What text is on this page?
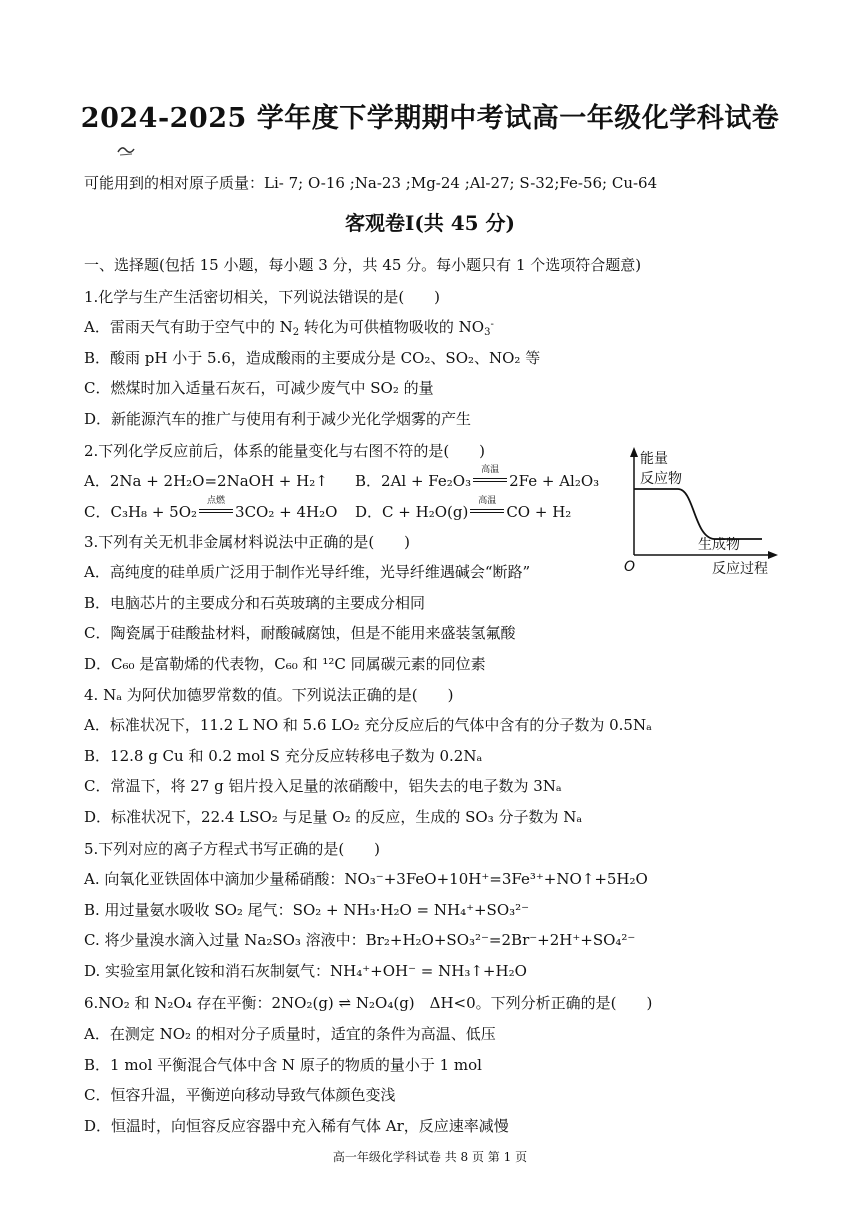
2024-2025 学年度下学期期中考试高一年级化学科试卷
可能用到的相对原子质量：Li- 7; O-16 ;Na-23 ;Mg-24 ;Al-27; S-32;Fe-56; Cu-64
客观卷Ⅰ(共 45 分)
一、选择题(包括 15 小题，每小题 3 分，共 45 分。每小题只有 1 个选项符合题意)
1.化学与生产生活密切相关，下列说法错误的是(　　)
A．雷雨天气有助于空气中的 $N_2$ 转化为可供植物吸收的 $NO_3^-$
B．酸雨 pH 小于 5.6，造成酸雨的主要成分是 CO₂、SO₂、NO₂ 等
C．燃煤时加入适量石灰石，可减少废气中 SO₂ 的量
D．新能源汽车的推广与使用有利于减少光化学烟雾的产生
2.下列化学反应前后，体系的能量变化与右图不符的是(　　)
A．2Na + 2H₂O=2NaOH + H₂↑ B．2Al + Fe₂O₃
高温
2Fe + Al₂O₃
C．C₃H₈ + 5O₂
点燃
3CO₂ + 4H₂O D．C + H₂O(g)
高温
CO + H₂
能量
反应物
生成物
O	反应过程
3.下列有关无机非金属材料说法中正确的是(　　)
A．高纯度的硅单质广泛用于制作光导纤维，光导纤维遇碱会“断路”
B．电脑芯片的主要成分和石英玻璃的主要成分相同
C．陶瓷属于硅酸盐材料，耐酸碱腐蚀，但是不能用来盛装氢氟酸
D．C₆₀ 是富勒烯的代表物，C₆₀ 和 ¹²C 同属碳元素的同位素
4. Nₐ 为阿伏加德罗常数的值。下列说法正确的是(　　)
A．标准状况下，11.2 L NO 和 5.6 LO₂ 充分反应后的气体中含有的分子数为 0.5Nₐ
B．12.8 g Cu 和 0.2 mol S 充分反应转移电子数为 0.2Nₐ
C．常温下，将 27 g 铝片投入足量的浓硝酸中，铝失去的电子数为 3Nₐ
D．标准状况下，22.4 LSO₂ 与足量 O₂ 的反应，生成的 SO₃ 分子数为 Nₐ
5.下列对应的离子方程式书写正确的是(　　)
A. 向氧化亚铁固体中滴加少量稀硝酸：NO₃⁻+3FeO+10H⁺=3Fe³⁺+NO↑+5H₂O
B. 用过量氨水吸收 SO₂ 尾气：SO₂ + NH₃·H₂O = NH₄⁺+SO₃²⁻
C. 将少量溴水滴入过量 Na₂SO₃ 溶液中：Br₂+H₂O+SO₃²⁻=2Br⁻+2H⁺+SO₄²⁻
D. 实验室用氯化铵和消石灰制氨气：NH₄⁺+OH⁻ = NH₃↑+H₂O
6.NO₂ 和 N₂O₄ 存在平衡：2NO₂(g) ⇌ N₂O₄(g)　ΔH<0。下列分析正确的是(　　)
A．在测定 NO₂ 的相对分子质量时，适宜的条件为高温、低压
B．1 mol 平衡混合气体中含 N 原子的物质的量小于 1 mol
C．恒容升温，平衡逆向移动导致气体颜色变浅
D．恒温时，向恒容反应容器中充入稀有气体 Ar，反应速率减慢
高一年级化学科试卷 共 8 页 第 1 页
